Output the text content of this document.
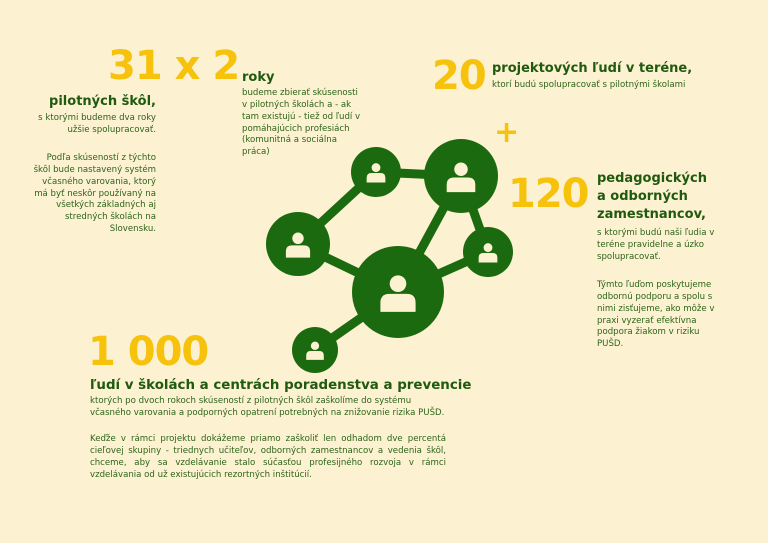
31 x 2 roky
budeme zbierať skúsenosti v pilotných školách a - ak tam existujú - tiež od ľudí v pomáhajúcich profesiách (komunitná a sociálna práca)
pilotných škôl,
s ktorými budeme dva roky užšie spolupracovať.
Podľa skúseností z týchto škôl bude nastavený systém včasného varovania, ktorý má byť neskôr používaný na všetkých základných aj stredných školách na Slovensku.
20 projektových ľudí v teréne,
ktorí budú spolupracovať s pilotnými školami
+
120 pedagogických a odborných zamestnancov,
s ktorými budú naši ľudia v teréne pravidelne a úzko spolupracovať.
Týmto ľuďom poskytujeme odbornú podporu a spolu s nimi zisťujeme, ako môže v praxi vyzerať efektívna podpora žiakom v riziku PUŠD.
1 000
ľudí v školách a centrách poradenstva a prevencie
ktorých po dvoch rokoch skúseností z pilotných škôl zaškolíme do systému včasného varovania a podporných opatrení potrebných na znižovanie rizika PUŠD.
Keďže v rámci projektu dokážeme priamo zaškoliť len odhadom dve percentá cieľovej skupiny - triednych učiteľov, odborných zamestnancov a vedenia škôl, chceme, aby sa vzdelávanie stalo súčasťou profesijného rozvoja v rámci vzdelávania od už existujúcich rezortných inštitúcií.
